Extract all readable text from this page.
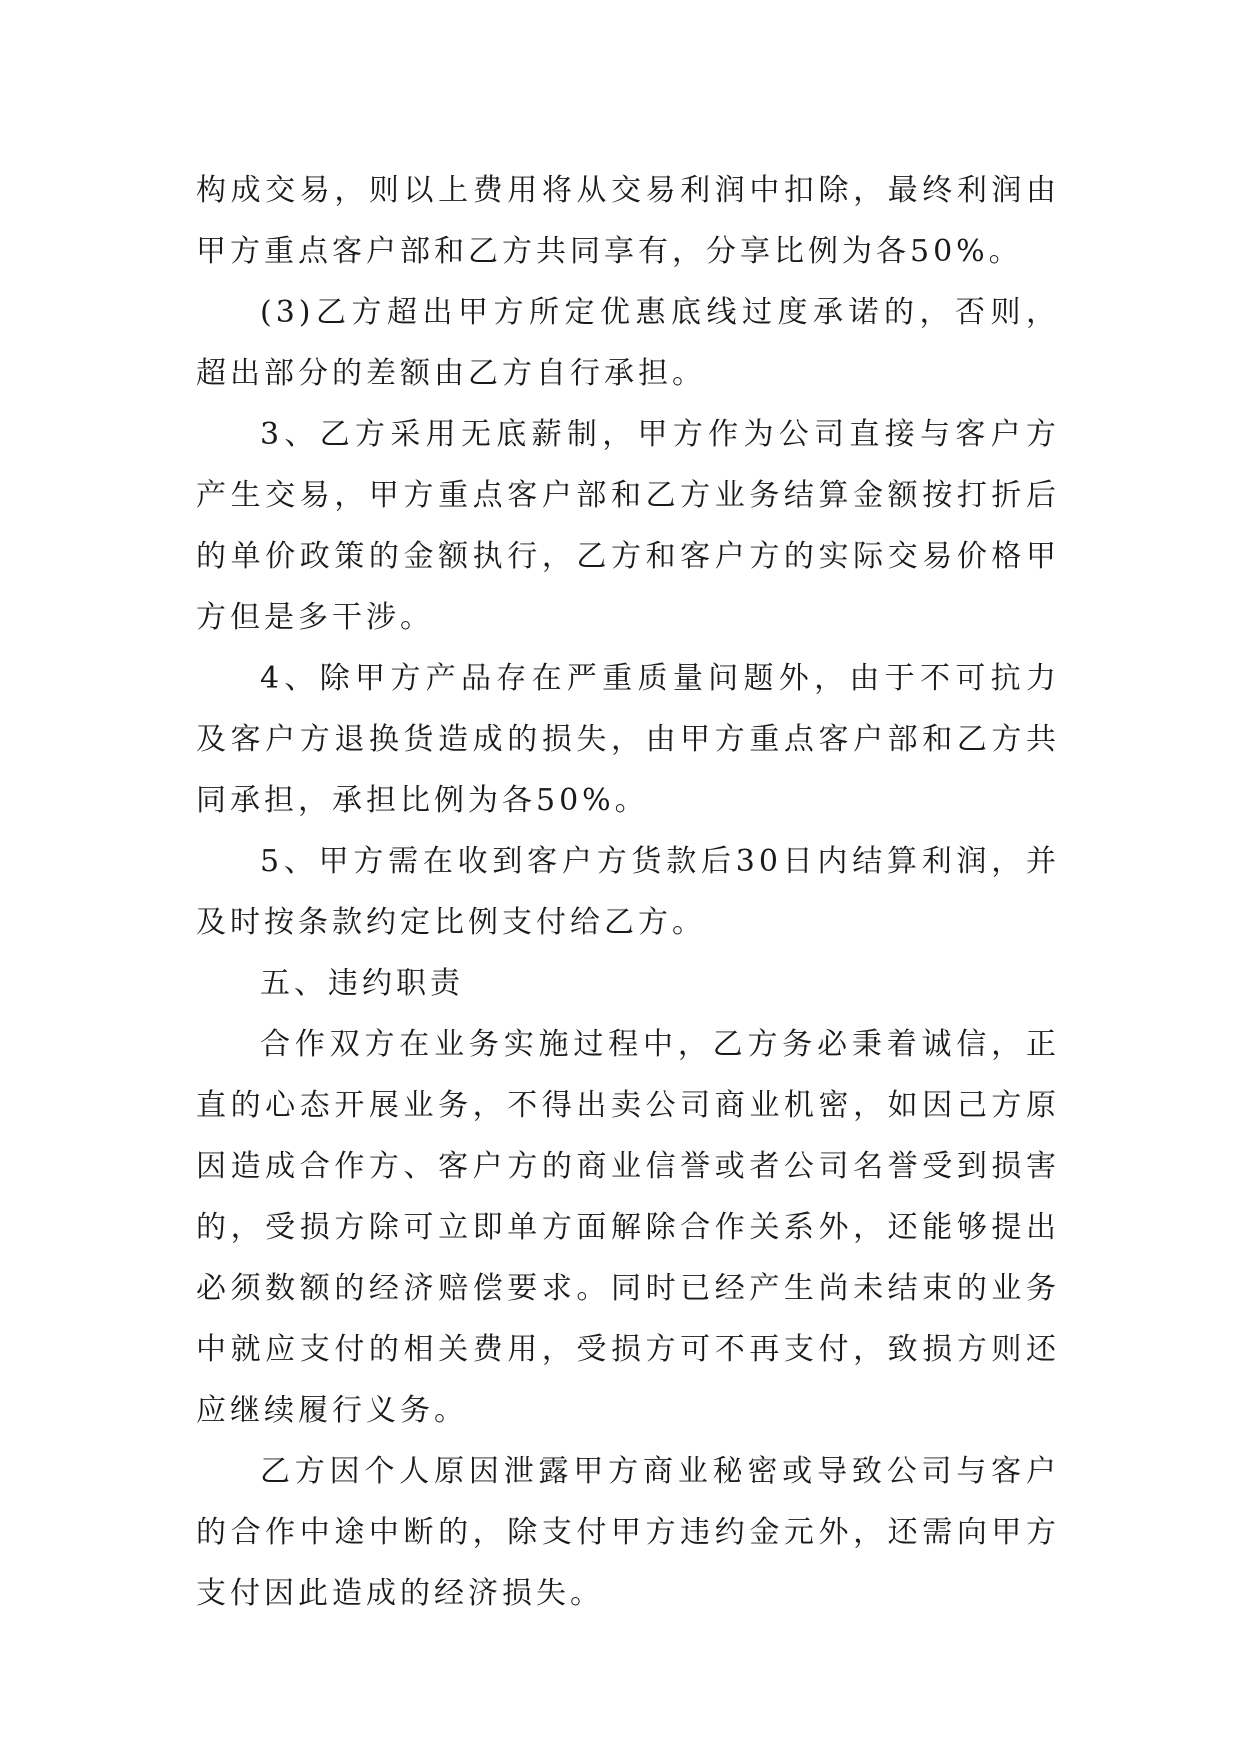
构成交易，则以上费用将从交易利润中扣除，最终利润由甲方重点客户部和乙方共同享有，分享比例为各50%。

(3)乙方超出甲方所定优惠底线过度承诺的，否则，超出部分的差额由乙方自行承担。

3、乙方采用无底薪制，甲方作为公司直接与客户方产生交易，甲方重点客户部和乙方业务结算金额按打折后的单价政策的金额执行，乙方和客户方的实际交易价格甲方但是多干涉。

4、除甲方产品存在严重质量问题外，由于不可抗力及客户方退换货造成的损失，由甲方重点客户部和乙方共同承担，承担比例为各50%。

5、甲方需在收到客户方货款后30日内结算利润，并及时按条款约定比例支付给乙方。

五、违约职责

合作双方在业务实施过程中，乙方务必秉着诚信，正直的心态开展业务，不得出卖公司商业机密，如因己方原因造成合作方、客户方的商业信誉或者公司名誉受到损害的，受损方除可立即单方面解除合作关系外，还能够提出必须数额的经济赔偿要求。同时已经产生尚未结束的业务中就应支付的相关费用，受损方可不再支付，致损方则还应继续履行义务。

乙方因个人原因泄露甲方商业秘密或导致公司与客户的合作中途中断的，除支付甲方违约金元外，还需向甲方支付因此造成的经济损失。
